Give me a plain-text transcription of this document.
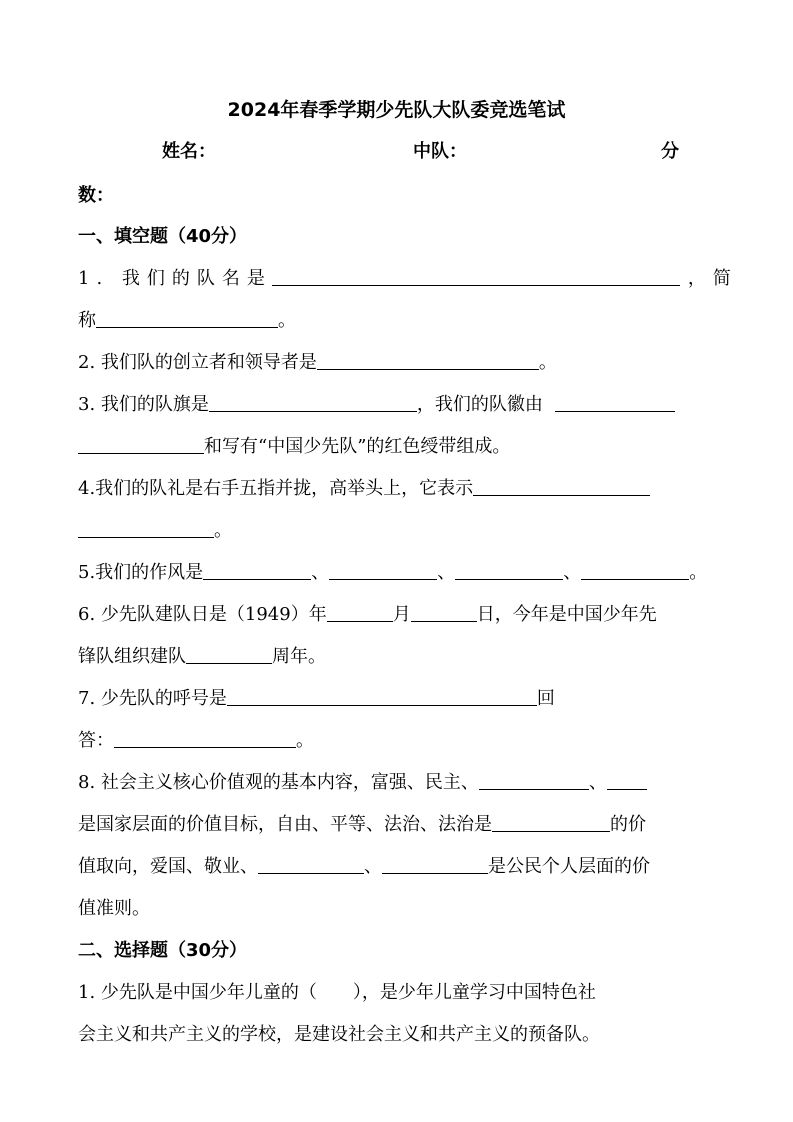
2024年春季学期少先队大队委竞选笔试
姓名：	中队：	分
数：
一、填空题（40分）
1. 我们的队名是	，简
称	。
2. 我们队的创立者和领导者是	。
3. 我们的队旗是	，我们的队徽由
和写有“中国少先队”的红色绶带组成。
4.我们的队礼是右手五指并拢，高举头上，它表示
。
5.我们的作风是	、	、	、	。
6. 少先队建队日是（1949）年	月	日，今年是中国少年先
锋队组织建队	周年。
7. 少先队的呼号是	回
答：	。
8. 社会主义核心价值观的基本内容，富强、民主、	、
是国家层面的价值目标，自由、平等、法治、法治是	的价
值取向，爱国、敬业、	、	是公民个人层面的价
值准则。
二、选择题（30分）
1. 少先队是中国少年儿童的（　　），是少年儿童学习中国特色社
会主义和共产主义的学校，是建设社会主义和共产主义的预备队。
